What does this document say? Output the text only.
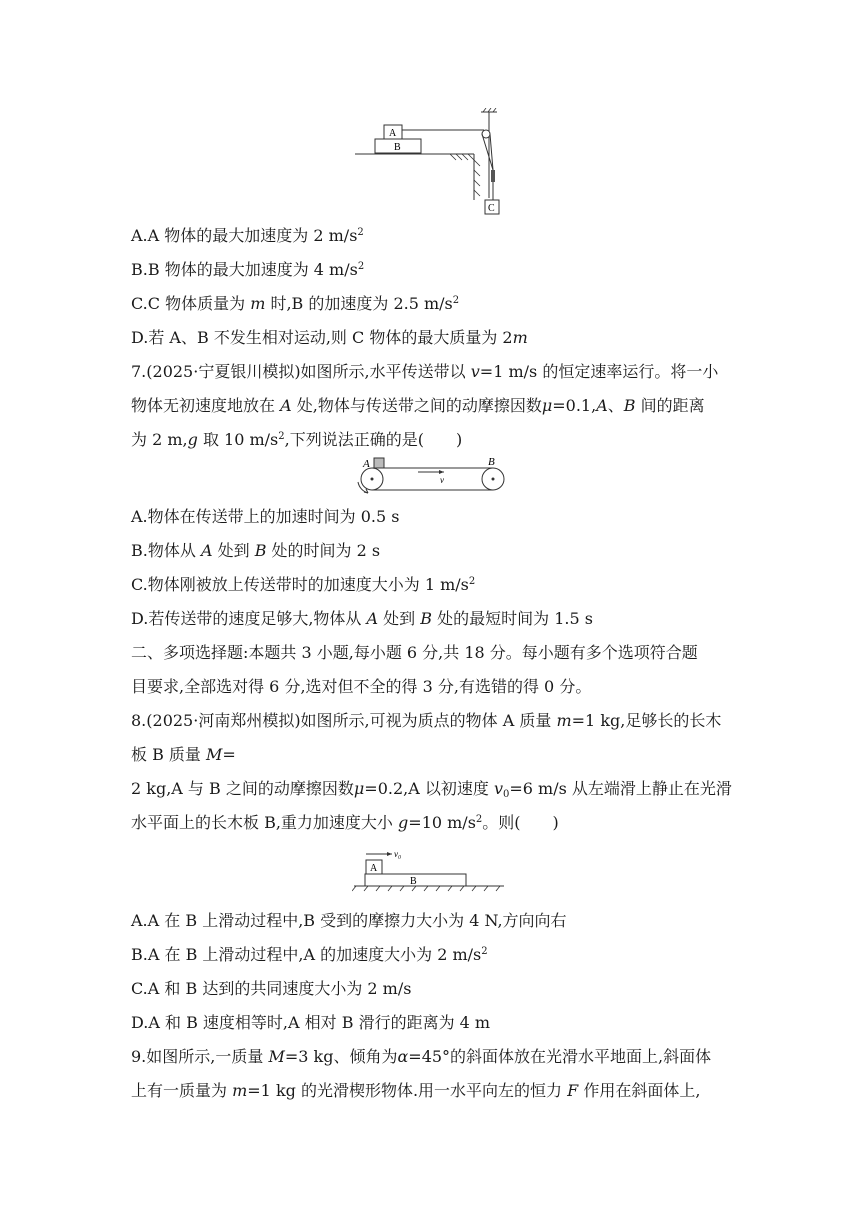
B
A
C
A.A 物体的最大加速度为 2 $m/s^2$
B.B 物体的最大加速度为 4 $m/s^2$
C.C 物体质量为 m 时,B 的加速度为 2.5 $m/s^2$
D.若 A、B 不发生相对运动,则 C 物体的最大质量为 2m
7.(2025·宁夏银川模拟)如图所示,水平传送带以 v=1 m/s 的恒定速率运行。将一小
物体无初速度地放在 A 处,物体与传送带之间的动摩擦因数μ=0.1,A、B 间的距离
为 2 m,g 取 10 $m/s^2$,下列说法正确的是(　　)
A	B
v
A.物体在传送带上的加速时间为 0.5 s
B.物体从 A 处到 B 处的时间为 2 s
C.物体刚被放上传送带时的加速度大小为 1 $m/s^2$
D.若传送带的速度足够大,物体从 A 处到 B 处的最短时间为 1.5 s
二、多项选择题:本题共 3 小题,每小题 6 分,共 18 分。每小题有多个选项符合题
目要求,全部选对得 6 分,选对但不全的得 3 分,有选错的得 0 分。
8.(2025·河南郑州模拟)如图所示,可视为质点的物体 A 质量 m=1 kg,足够长的长木
板 B 质量 M=
2 kg,A 与 B 之间的动摩擦因数μ=0.2,A 以初速度 $v_0=6$ m/s 从左端滑上静止在光滑
水平面上的长木板 B,重力加速度大小 g=10 $m/s^2$。则(　　)
B
A
v₀
A.A 在 B 上滑动过程中,B 受到的摩擦力大小为 4 N,方向向右
B.A 在 B 上滑动过程中,A 的加速度大小为 2 $m/s^2$
C.A 和 B 达到的共同速度大小为 2 m/s
D.A 和 B 速度相等时,A 相对 B 滑行的距离为 4 m
9.如图所示,一质量 M=3 kg、倾角为α=45°的斜面体放在光滑水平地面上,斜面体
上有一质量为 m=1 kg 的光滑楔形物体.用一水平向左的恒力 F 作用在斜面体上,
